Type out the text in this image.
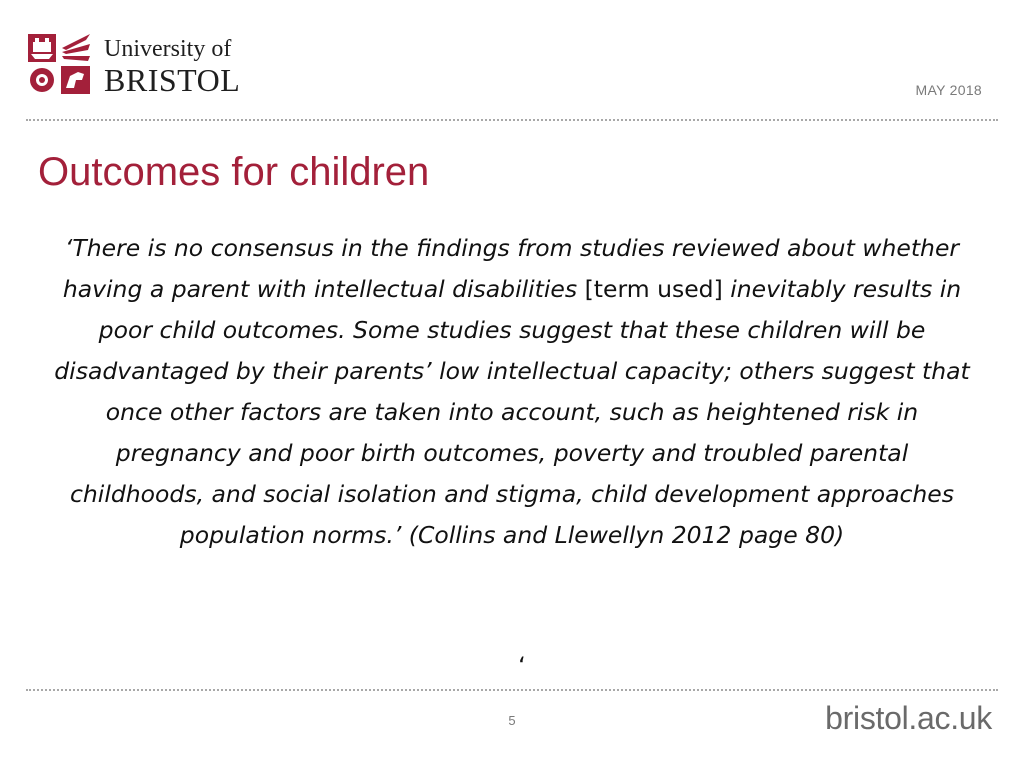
University of
BRISTOL	MAY 2018
Outcomes for children

‘There is no consensus in the findings from studies reviewed about whether having a parent with intellectual disabilities [term used] inevitably results in poor child outcomes. Some studies suggest that these children will be disadvantaged by their parents’ low intellectual capacity; others suggest that once other factors are taken into account, such as heightened risk in pregnancy and poor birth outcomes, poverty and troubled parental childhoods, and social isolation and stigma, child development approaches population norms.’ (Collins and Llewellyn 2012 page 80)

‘
5	bristol.ac.uk
